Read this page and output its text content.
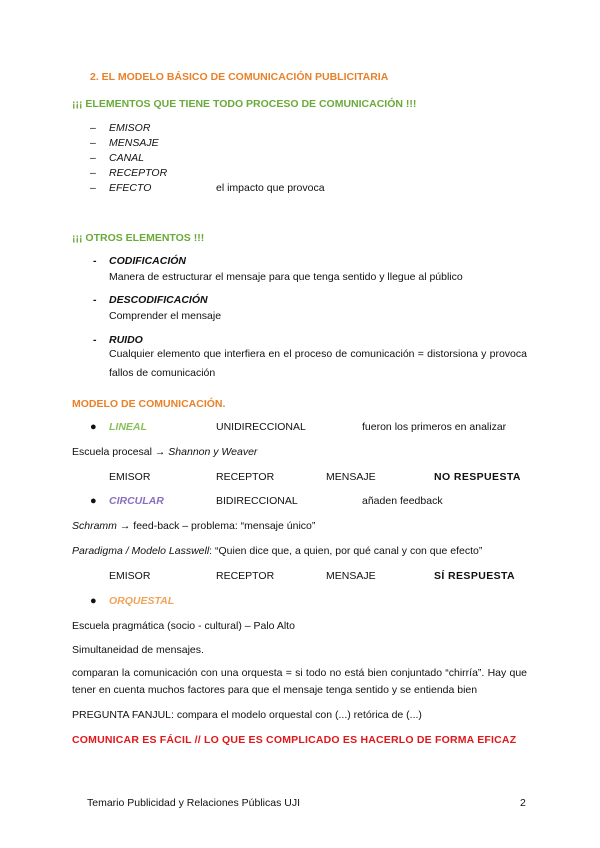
2. EL MODELO BÁSICO DE COMUNICACIÓN PUBLICITARIA
¡¡¡ ELEMENTOS QUE TIENE TODO PROCESO DE COMUNICACIÓN !!!
– EMISOR
– MENSAJE
– CANAL
– RECEPTOR
– EFECTO	el impacto que provoca
¡¡¡ OTROS ELEMENTOS !!!
- CODIFICACIÓN
Manera de estructurar el mensaje para que tenga sentido y llegue al público
- DESCODIFICACIÓN
Comprender el mensaje
- RUIDO
Cualquier elemento que interfiera en el proceso de comunicación = distorsiona y provoca fallos de comunicación
MODELO DE COMUNICACIÓN.
● LINEAL	UNIDIRECCIONAL	fueron los primeros en analizar
Escuela procesal → Shannon y Weaver
EMISOR	RECEPTOR	MENSAJE	NO RESPUESTA
● CIRCULAR	BIDIRECCIONAL	añaden feedback
Schramm → feed-back – problema: “mensaje único”
Paradigma / Modelo Lasswell: “Quien dice que, a quien, por qué canal y con que efecto”
EMISOR	RECEPTOR	MENSAJE	SÍ RESPUESTA
● ORQUESTAL
Escuela pragmática (socio - cultural) – Palo Alto
Simultaneidad de mensajes.
comparan la comunicación con una orquesta = si todo no está bien conjuntado “chirría”. Hay que tener en cuenta muchos factores para que el mensaje tenga sentido y se entienda bien
PREGUNTA FANJUL: compara el modelo orquestal con (...) retórica de (...)
COMUNICAR ES FÁCIL // LO QUE ES COMPLICADO ES HACERLO DE FORMA EFICAZ
Temario Publicidad y Relaciones Públicas UJI	2
